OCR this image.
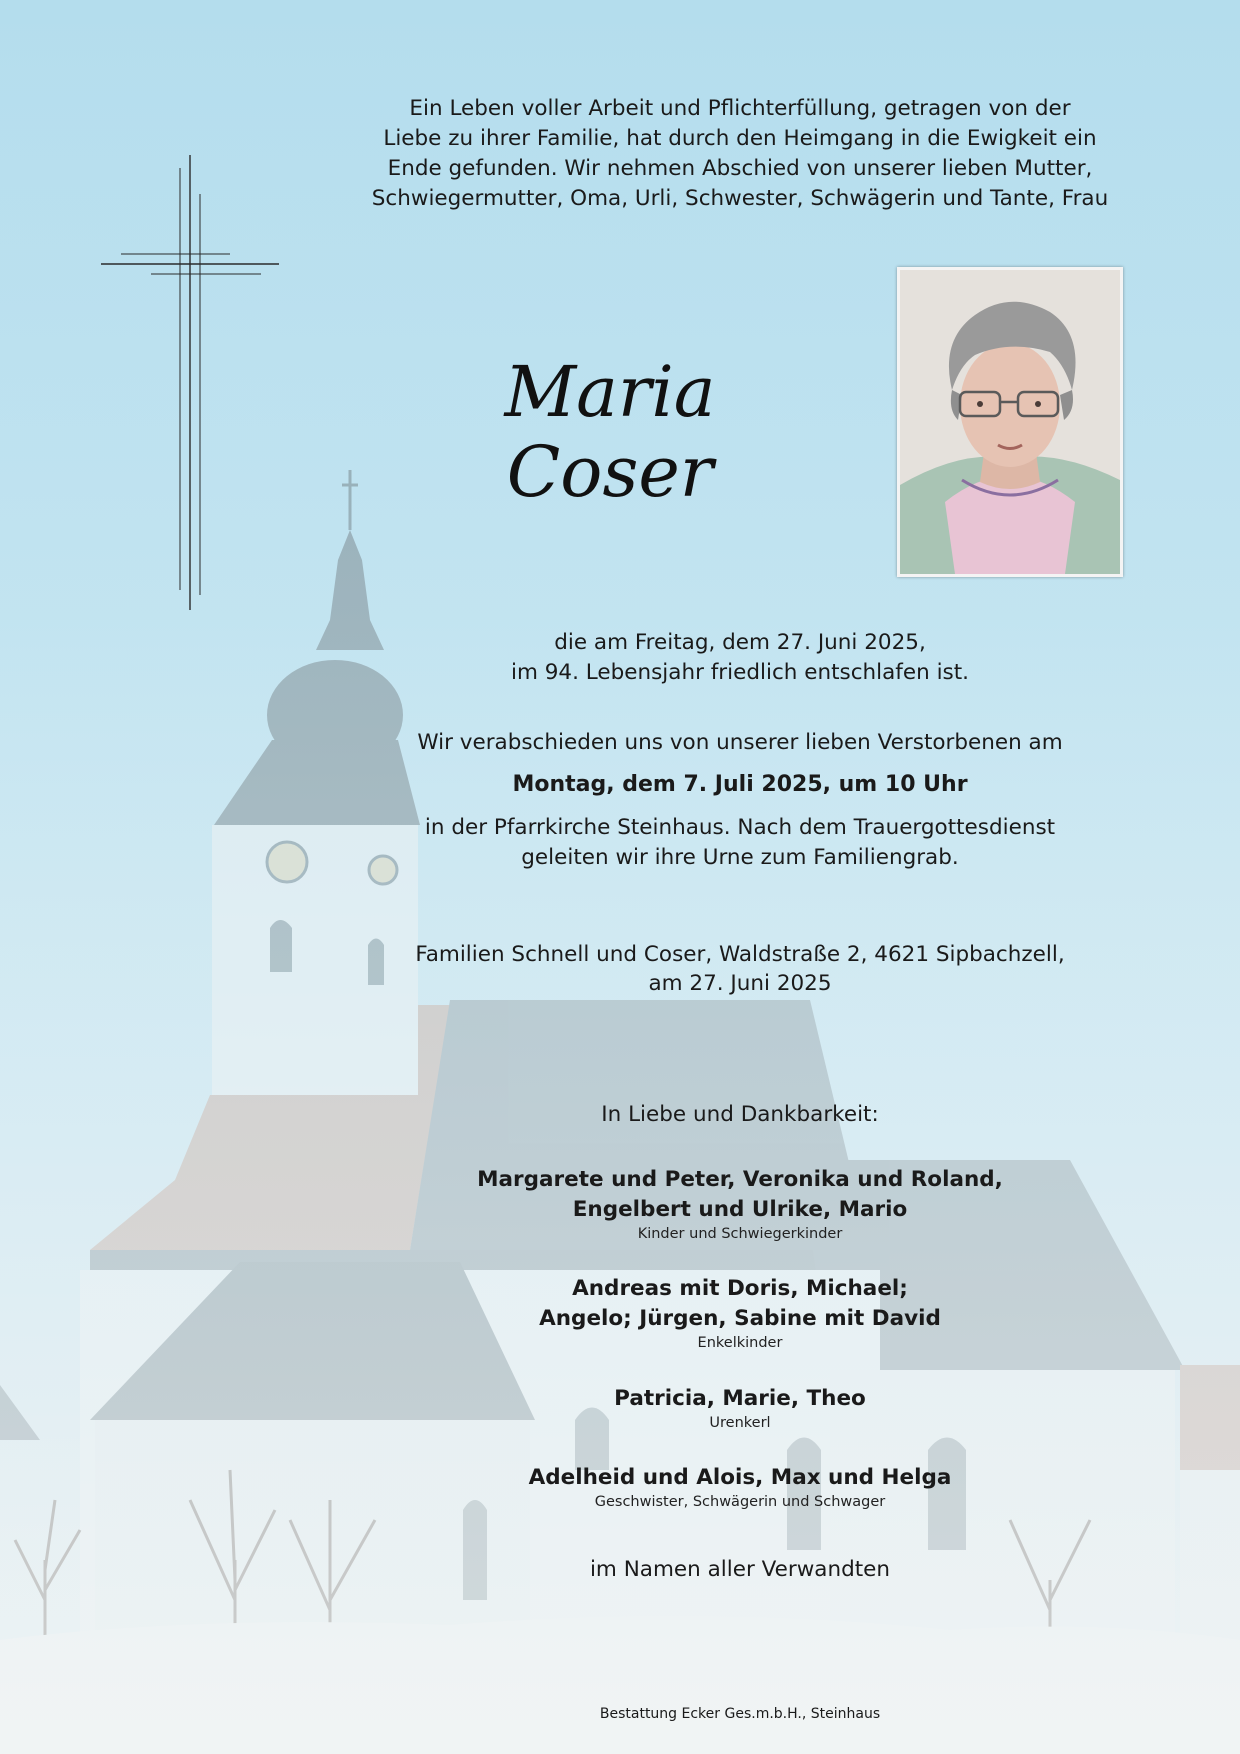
Ein Leben voller Arbeit und Pflichterfüllung, getragen von der
Liebe zu ihrer Familie, hat durch den Heimgang in die Ewigkeit ein
Ende gefunden. Wir nehmen Abschied von unserer lieben Mutter,
Schwiegermutter, Oma, Urli, Schwester, Schwägerin und Tante, Frau
Maria
Coser
die am Freitag, dem 27. Juni 2025,
im 94. Lebensjahr friedlich entschlafen ist.
Wir verabschieden uns von unserer lieben Verstorbenen am
Montag, dem 7. Juli 2025, um 10 Uhr
in der Pfarrkirche Steinhaus. Nach dem Trauergottesdienst
geleiten wir ihre Urne zum Familiengrab.
Familien Schnell und Coser, Waldstraße 2, 4621 Sipbachzell,
am 27. Juni 2025
In Liebe und Dankbarkeit:
Margarete und Peter, Veronika und Roland,
Engelbert und Ulrike, Mario
Kinder und Schwiegerkinder
Andreas mit Doris, Michael;
Angelo; Jürgen, Sabine mit David
Enkelkinder
Patricia, Marie, Theo
Urenkerl
Adelheid und Alois, Max und Helga
Geschwister, Schwägerin und Schwager
im Namen aller Verwandten
Bestattung Ecker Ges.m.b.H., Steinhaus
